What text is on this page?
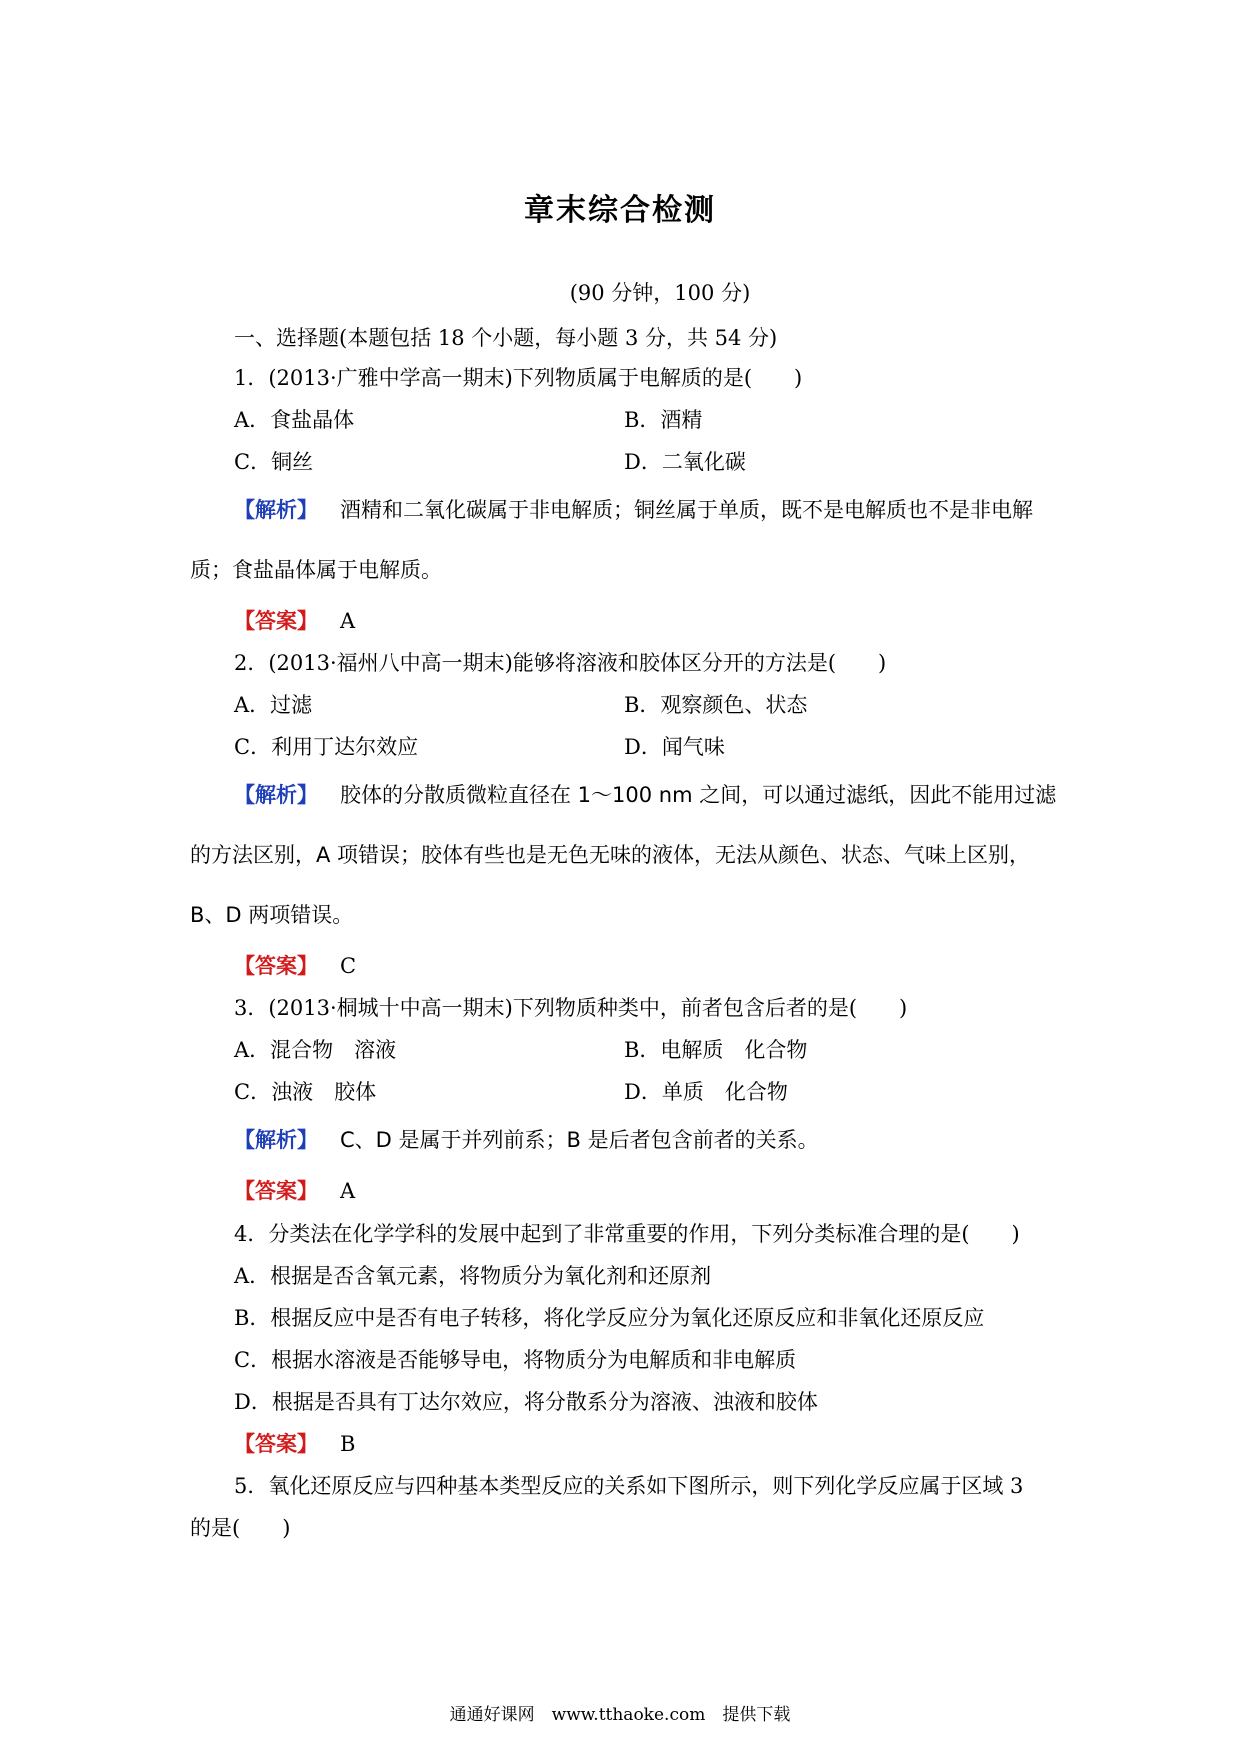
章末综合检测
(90 分钟，100 分)
一、选择题(本题包括 18 个小题，每小题 3 分，共 54 分)
1．(2013·广雅中学高一期末)下列物质属于电解质的是(　　)
A．食盐晶体	B．酒精
C．铜丝	D．二氧化碳
【解析】 酒精和二氧化碳属于非电解质；铜丝属于单质，既不是电解质也不是非电解
质；食盐晶体属于电解质。
【答案】 A
2．(2013·福州八中高一期末)能够将溶液和胶体区分开的方法是(　　)
A．过滤	B．观察颜色、状态
C．利用丁达尔效应	D．闻气味
【解析】 胶体的分散质微粒直径在 1～100 nm 之间，可以通过滤纸，因此不能用过滤
的方法区别，A 项错误；胶体有些也是无色无味的液体，无法从颜色、状态、气味上区别，
B、D 两项错误。
【答案】 C
3．(2013·桐城十中高一期末)下列物质种类中，前者包含后者的是(　　)
A．混合物　溶液	B．电解质　化合物
C．浊液　胶体	D．单质　化合物
【解析】 C、D 是属于并列前系；B 是后者包含前者的关系。
【答案】 A
4．分类法在化学学科的发展中起到了非常重要的作用，下列分类标准合理的是(　　)
A．根据是否含氧元素，将物质分为氧化剂和还原剂
B．根据反应中是否有电子转移，将化学反应分为氧化还原反应和非氧化还原反应
C．根据水溶液是否能够导电，将物质分为电解质和非电解质
D．根据是否具有丁达尔效应，将分散系分为溶液、浊液和胶体
【答案】 B
5．氧化还原反应与四种基本类型反应的关系如下图所示，则下列化学反应属于区域 3
的是(　　)
通通好课网　www.tthaoke.com　提供下载
